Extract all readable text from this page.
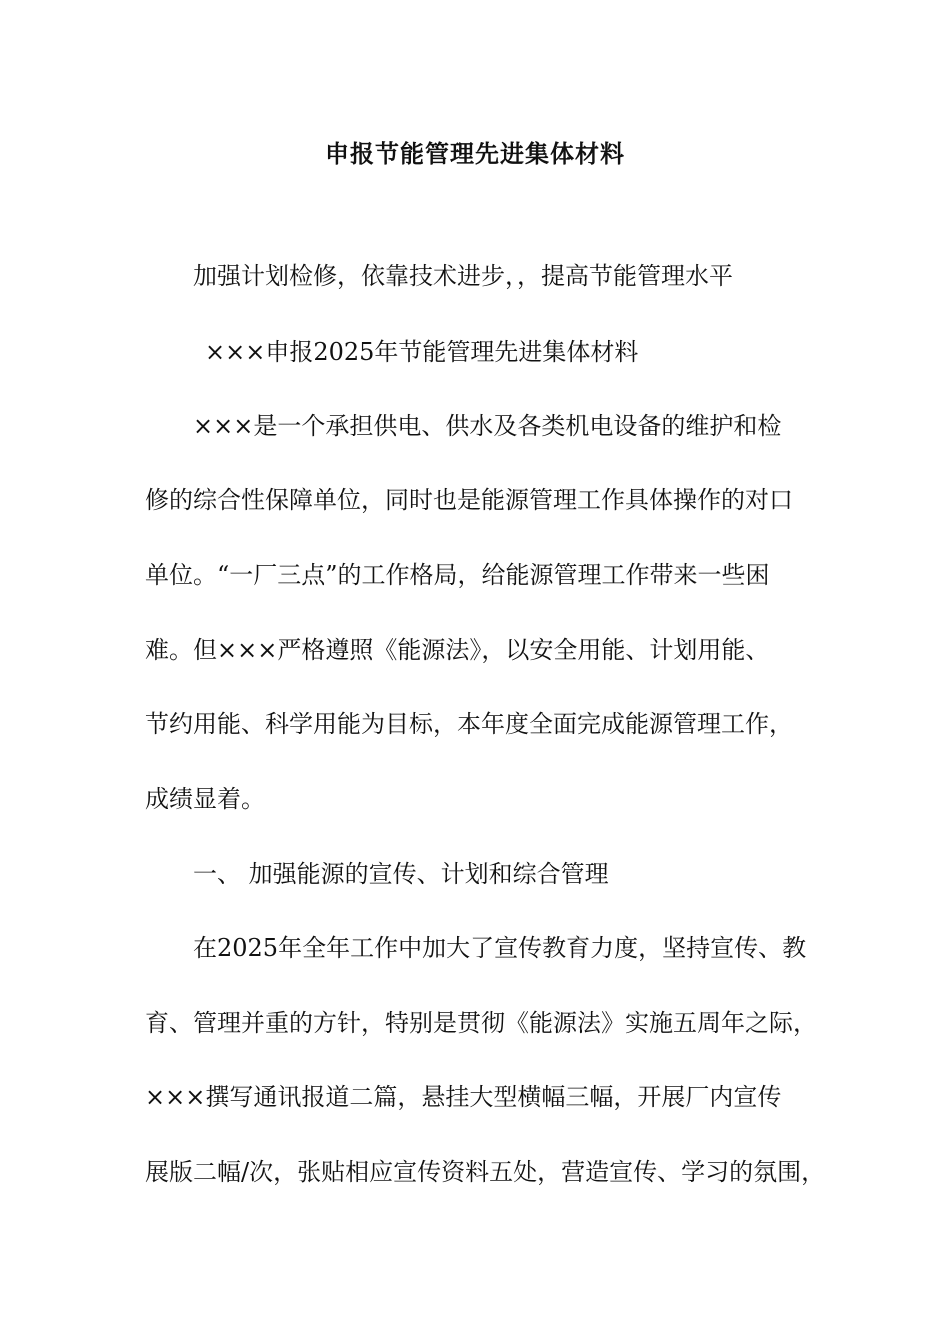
申报节能管理先进集体材料
加强计划检修，依靠技术进步，，提高节能管理水平
×××申报2025年节能管理先进集体材料
×××是一个承担供电、供水及各类机电设备的维护和检
修的综合性保障单位，同时也是能源管理工作具体操作的对口
单位。“一厂三点”的工作格局，给能源管理工作带来一些困
难。但×××严格遵照《能源法》，以安全用能、计划用能、
节约用能、科学用能为目标，本年度全面完成能源管理工作，
成绩显着。
一、 加强能源的宣传、计划和综合管理
在2025年全年工作中加大了宣传教育力度，坚持宣传、教
育、管理并重的方针，特别是贯彻《能源法》实施五周年之际，
×××撰写通讯报道二篇，悬挂大型横幅三幅，开展厂内宣传
展版二幅/次，张贴相应宣传资料五处，营造宣传、学习的氛围，
